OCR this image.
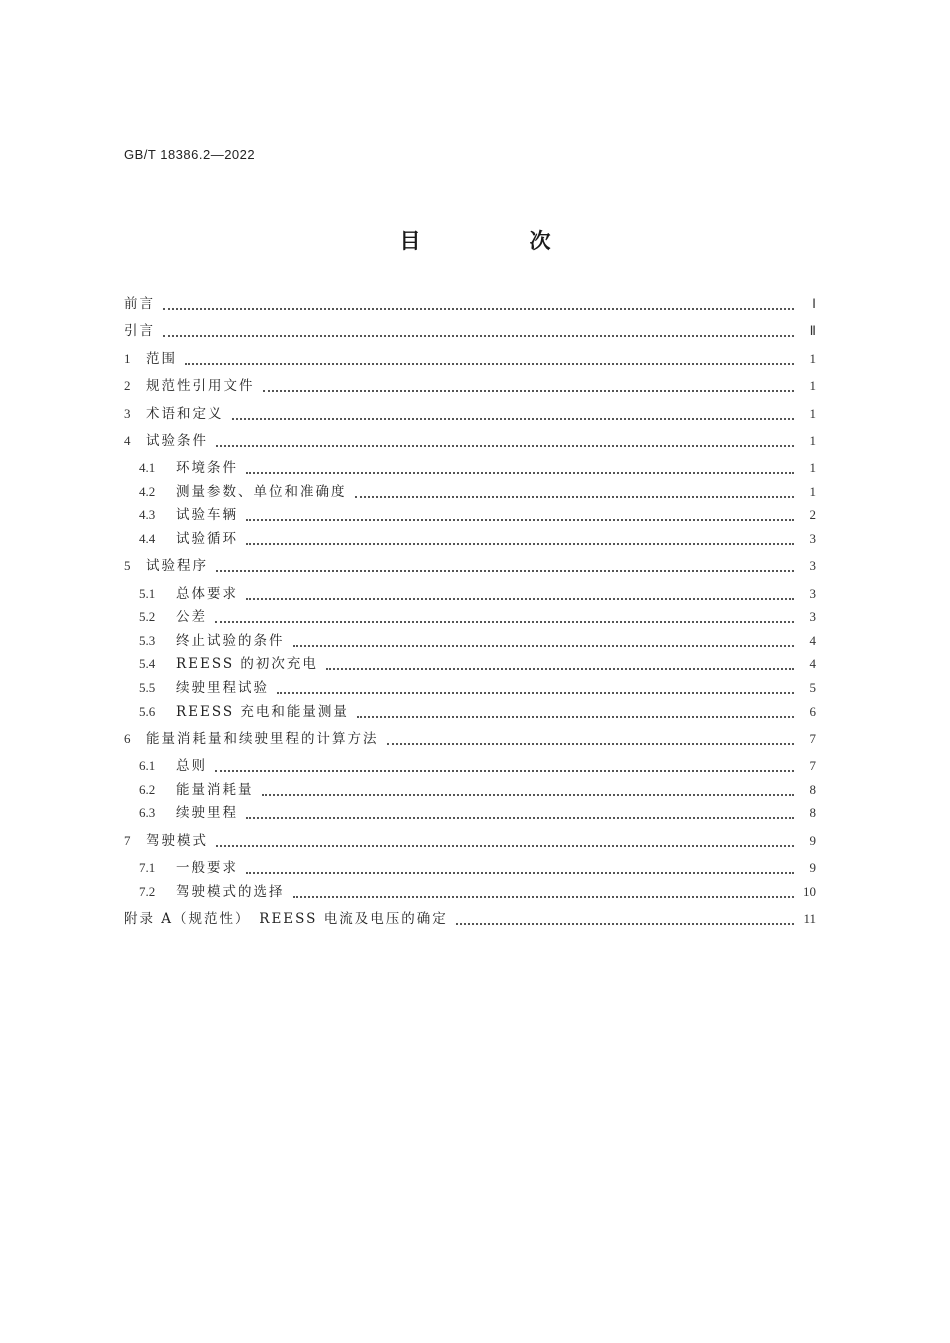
GB/T 18386.2—2022
目　次
前言	Ⅰ
引言	Ⅱ
1	范围	1
2	规范性引用文件	1
3	术语和定义	1
4	试验条件	1
4.1	环境条件	1
4.2	测量参数、单位和准确度	1
4.3	试验车辆	2
4.4	试验循环	3
5	试验程序	3
5.1	总体要求	3
5.2	公差	3
5.3	终止试验的条件	4
5.4	REESS 的初次充电	4
5.5	续驶里程试验	5
5.6	REESS 充电和能量测量	6
6	能量消耗量和续驶里程的计算方法	7
6.1	总则	7
6.2	能量消耗量	8
6.3	续驶里程	8
7	驾驶模式	9
7.1	一般要求	9
7.2	驾驶模式的选择	10
附录 A（规范性）　REESS 电流及电压的确定	11
